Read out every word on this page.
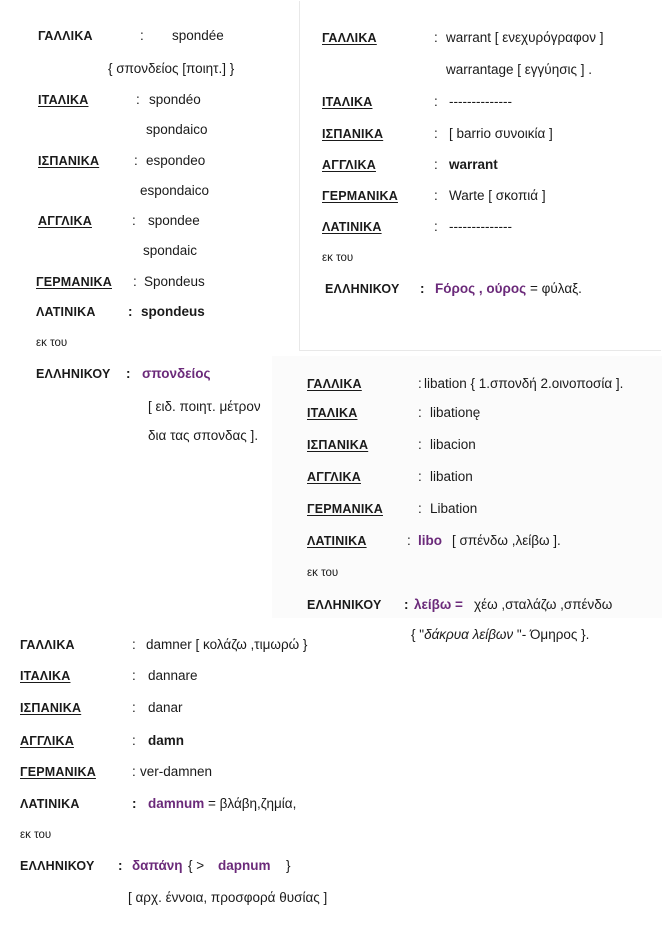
ΓΑΛΛΙΚΑ	: spondée
{ σπονδείος [ποιητ.] }
ΙΤΑΛΙΚΑ	: spondéo
spondaico
ΙΣΠΑΝΙΚΑ	: espondeo
espondaico
ΑΓΓΛΙΚΑ	: spondee
spondaic
ΓΕΡΜΑΝΙΚΑ : Spondeus
ΛΑΤΙΝΙΚΑ : spondeus
εκ του
ΕΛΛΗΝΙΚΟΥ : σπονδείος
[ ειδ. ποιητ. μέτρον
δια τας σπονδας ].
ΓΑΛΛΙΚΑ	: warrant [ ενεχυρόγραφον ]
warrantage [ εγγύησις ] .
ΙΤΑΛΙΚΑ	: --------------
ΙΣΠΑΝΙΚΑ	: [ barrio συνοικία ]
ΑΓΓΛΙΚΑ	: warrant
ΓΕΡΜΑΝΙΚΑ	: Warte [ σκοπιά ]
ΛΑΤΙΝΙΚΑ	: --------------
εκ του
ΕΛΛΗΝΙΚΟΥ : Fόρος , ούρος = φύλαξ.
ΓΑΛΛΙΚΑ	: libation { 1.σπονδή 2.οινοποσία ].
ΙΤΑΛΙΚΑ	: libationę
ΙΣΠΑΝΙΚΑ	: libacion
ΑΓΓΛΙΚΑ	: libation
ΓΕΡΜΑΝΙΚΑ	: Libation
ΛΑΤΙΝΙΚΑ	: libo [ σπένδω ,λείβω ].
εκ του
ΕΛΛΗΝΙΚΟΥ : λείβω = χέω ,σταλάζω ,σπένδω
{ "δάκρυα λείβων "- Όμηρος }.
ΓΑΛΛΙΚΑ	: damner [ κολάζω ,τιμωρώ }
ΙΤΑΛΙΚΑ	: dannare
ΙΣΠΑΝΙΚΑ	: danar
ΑΓΓΛΙΚΑ	: damn
ΓΕΡΜΑΝΙΚΑ	: ver-damnen
ΛΑΤΙΝΙΚΑ	: damnum = βλάβη,ζημία,
εκ του
ΕΛΛΗΝΙΚΟΥ : δαπάνη { > dapnum }
[ αρχ. έννοια, προσφορά θυσίας ]
